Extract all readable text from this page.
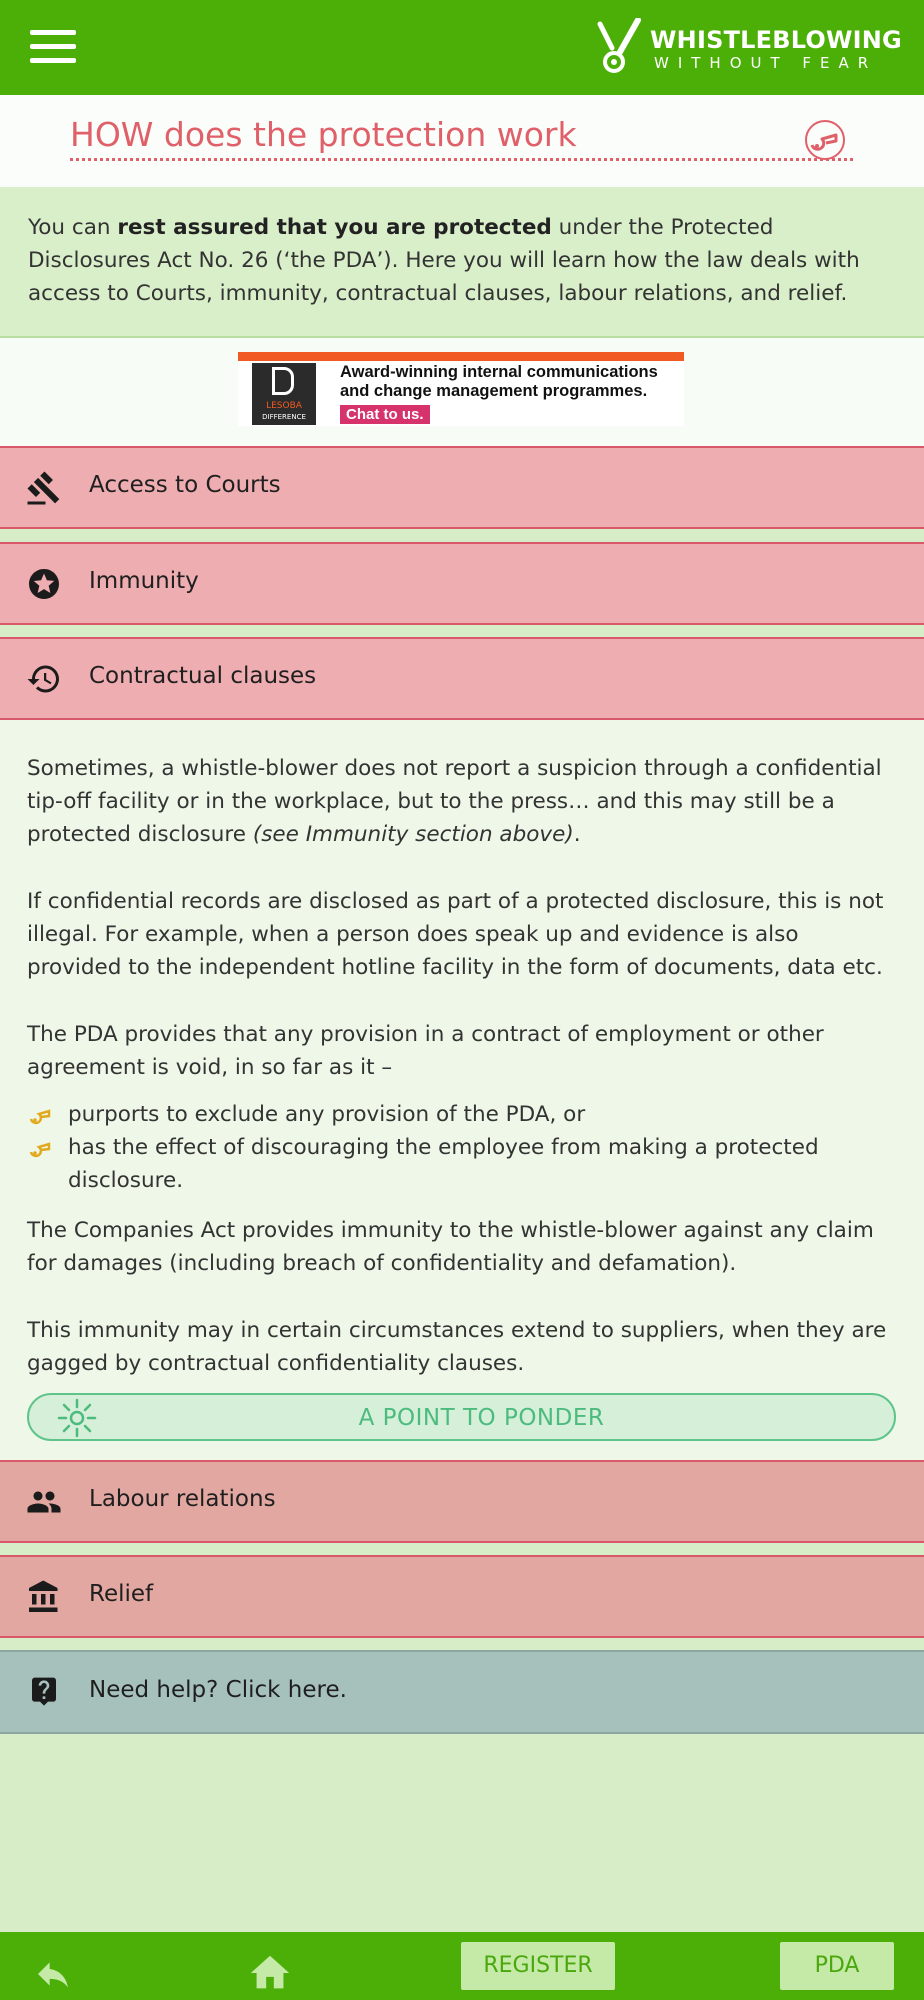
WHISTLEBLOWING
WITHOUT FEAR
HOW does the protection work
You can rest assured that you are protected under the Protected Disclosures Act No. 26 (‘the PDA’). Here you will learn how the law deals with access to Courts, immunity, contractual clauses, labour relations, and relief.
LESOBA
DIFFERENCE
Award-winning internal communications
and change management programmes.
Chat to us.
Access to Courts
Immunity
Contractual clauses
Sometimes, a whistle-blower does not report a suspicion through a confidential tip-off facility or in the workplace, but to the press… and this may still be a protected disclosure (see Immunity section above).
If confidential records are disclosed as part of a protected disclosure, this is not illegal. For example, when a person does speak up and evidence is also provided to the independent hotline facility in the form of documents, data etc.
The PDA provides that any provision in a contract of employment or other agreement is void, in so far as it –
purports to exclude any provision of the PDA, or
has the effect of discouraging the employee from making a protected disclosure.
The Companies Act provides immunity to the whistle-blower against any claim for damages (including breach of confidentiality and defamation).
This immunity may in certain circumstances extend to suppliers, when they are gagged by contractual confidentiality clauses.
A POINT TO PONDER
Labour relations
Relief
Need help? Click here.
REGISTER	PDA
